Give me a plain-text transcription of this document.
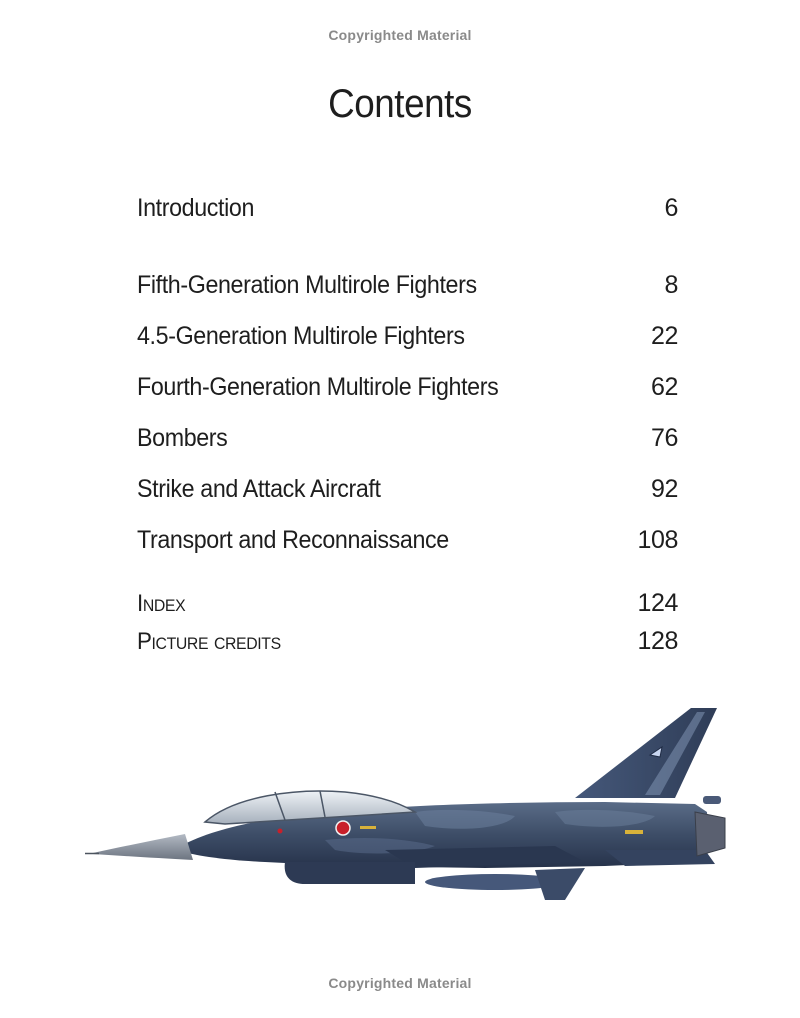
Copyrighted Material
Contents
Introduction	6
Fifth-Generation Multirole Fighters	8
4.5-Generation Multirole Fighters	22
Fourth-Generation Multirole Fighters	62
Bombers	76
Strike and Attack Aircraft	92
Transport and Reconnaissance	108
Index	124
Picture credits	128
Copyrighted Material
